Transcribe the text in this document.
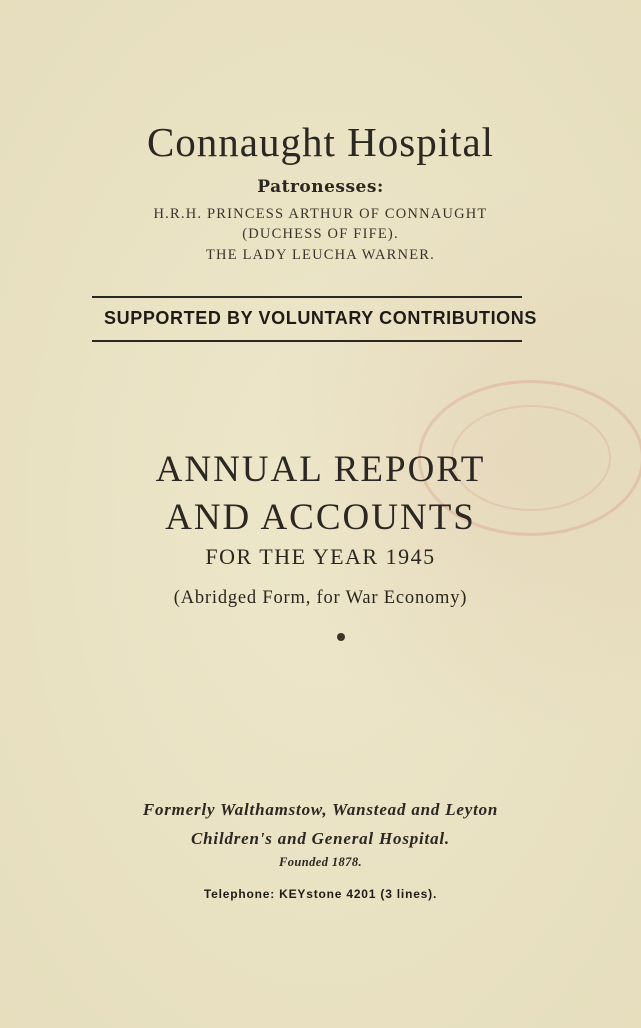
Connaught Hospital
Patronesses:
H.R.H. PRINCESS ARTHUR OF CONNAUGHT
(DUCHESS OF FIFE).
THE LADY LEUCHA WARNER.
SUPPORTED BY VOLUNTARY CONTRIBUTIONS
ANNUAL REPORT
AND ACCOUNTS
FOR THE YEAR 1945
(Abridged Form, for War Economy)
Formerly Walthamstow, Wanstead and Leyton
Children's and General Hospital.
Founded 1878.
Telephone: KEYstone 4201 (3 lines).
